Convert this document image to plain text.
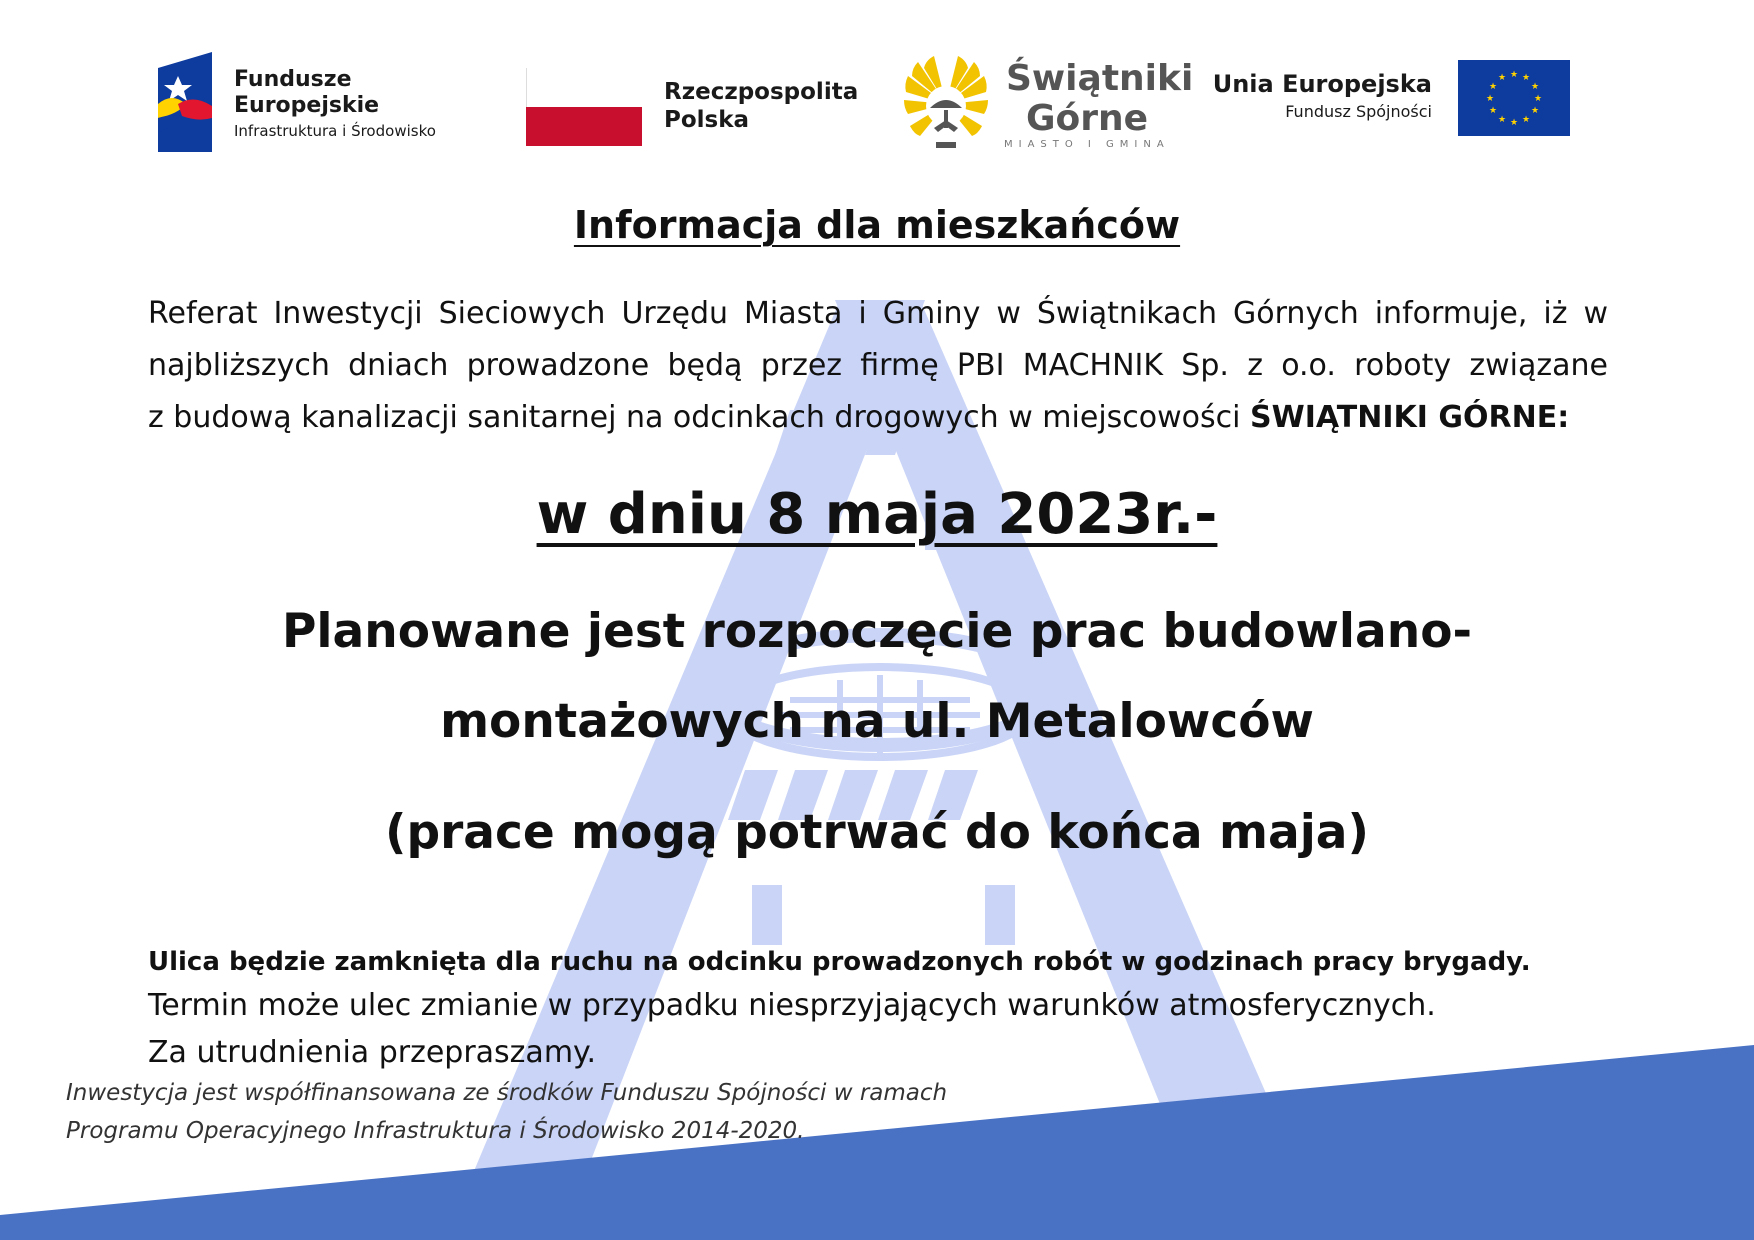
Fundusze
Europejskie
Infrastruktura i Środowisko
Rzeczpospolita
Polska
Świątniki
Górne
MIASTO I GMINA
Unia Europejska
Fundusz Spójności
★ ★
★
★
★
★
★
★
★
★
★
★
Informacja dla mieszkańców
Referat Inwestycji Sieciowych Urzędu Miasta i Gminy w Świątnikach Górnych informuje, iż w
najbliższych dniach prowadzone będą przez firmę PBI MACHNIK Sp. z o.o. roboty związane
z budową kanalizacji sanitarnej na odcinkach drogowych w miejscowości ŚWIĄTNIKI GÓRNE:
w dniu 8 maja 2023r.-
Planowane jest rozpoczęcie prac budowlano-
montażowych na ul. Metalowców
(prace mogą potrwać do końca maja)
Ulica będzie zamknięta dla ruchu na odcinku prowadzonych robót w godzinach pracy brygady.
Termin może ulec zmianie w przypadku niesprzyjających warunków atmosferycznych.
Za utrudnienia przepraszamy.
Inwestycja jest współfinansowana ze środków Funduszu Spójności w ramach
Programu Operacyjnego Infrastruktura i Środowisko 2014-2020.
